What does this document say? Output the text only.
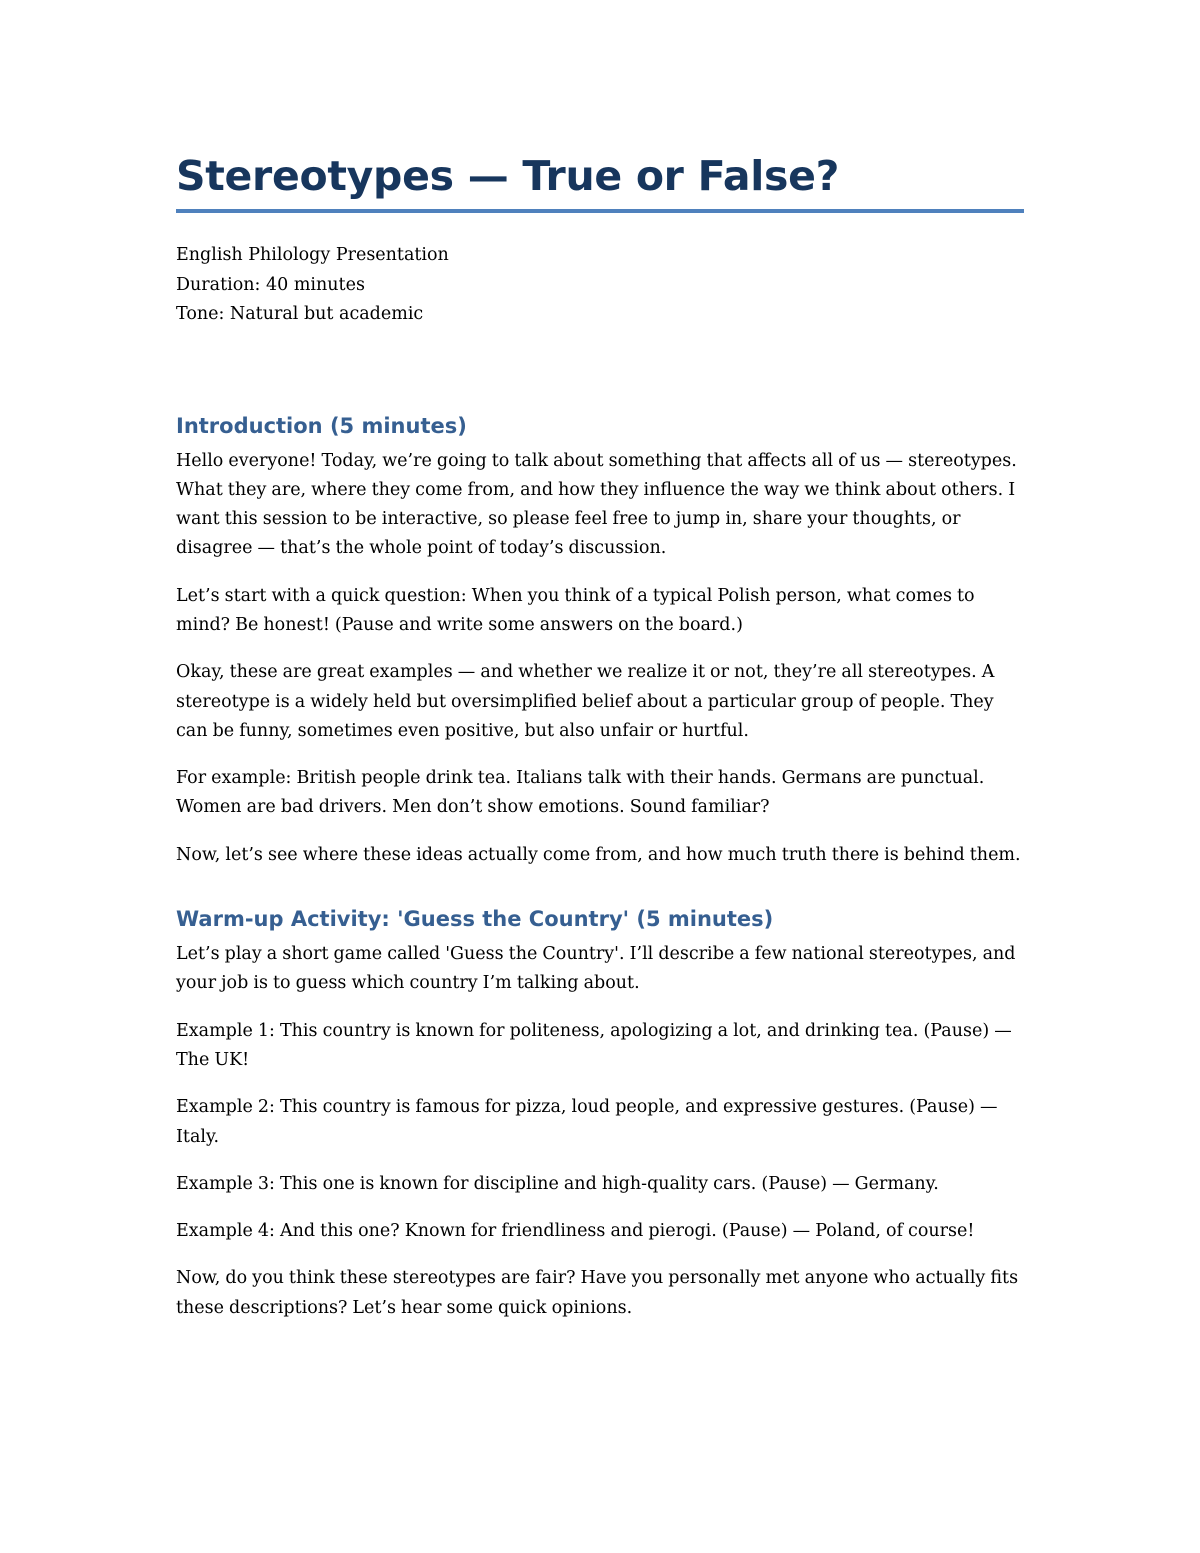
Stereotypes — True or False?

English Philology Presentation

Duration: 40 minutes

Tone: Natural but academic

Introduction (5 minutes)

Hello everyone! Today, we’re going to talk about something that affects all of us — stereotypes. What they are, where they come from, and how they influence the way we think about others. I want this session to be interactive, so please feel free to jump in, share your thoughts, or disagree — that’s the whole point of today’s discussion.

Let’s start with a quick question: When you think of a typical Polish person, what comes to mind? Be honest! (Pause and write some answers on the board.)

Okay, these are great examples — and whether we realize it or not, they’re all stereotypes. A stereotype is a widely held but oversimplified belief about a particular group of people. They can be funny, sometimes even positive, but also unfair or hurtful.

For example: British people drink tea. Italians talk with their hands. Germans are punctual. Women are bad drivers. Men don’t show emotions. Sound familiar?

Now, let’s see where these ideas actually come from, and how much truth there is behind them.

Warm-up Activity: 'Guess the Country' (5 minutes)

Let’s play a short game called 'Guess the Country'. I’ll describe a few national stereotypes, and your job is to guess which country I’m talking about.

Example 1: This country is known for politeness, apologizing a lot, and drinking tea. (Pause) — The UK!

Example 2: This country is famous for pizza, loud people, and expressive gestures. (Pause) — Italy.

Example 3: This one is known for discipline and high-quality cars. (Pause) — Germany.

Example 4: And this one? Known for friendliness and pierogi. (Pause) — Poland, of course!

Now, do you think these stereotypes are fair? Have you personally met anyone who actually fits these descriptions? Let’s hear some quick opinions.
